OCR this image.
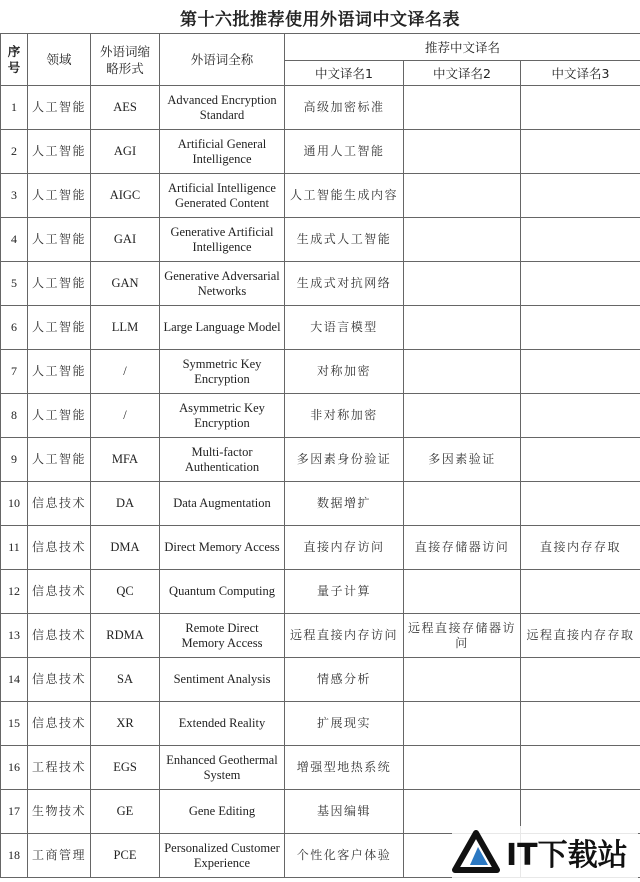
第十六批推荐使用外语词中文译名表
序号	领域	外语词缩略形式	外语词全称	推荐中文译名		
				中文译名1	中文译名2	中文译名3
1	人工智能	AES	Advanced Encryption Standard	高级加密标准		
2	人工智能	AGI	Artificial General Intelligence	通用人工智能		
3	人工智能	AIGC	Artificial Intelligence Generated Content	人工智能生成内容		
4	人工智能	GAI	Generative Artificial Intelligence	生成式人工智能		
5	人工智能	GAN	Generative Adversarial Networks	生成式对抗网络		
6	人工智能	LLM	Large Language Model	大语言模型		
7	人工智能	/	Symmetric Key Encryption	对称加密		
8	人工智能	/	Asymmetric Key Encryption	非对称加密		
9	人工智能	MFA	Multi-factor Authentication	多因素身份验证	多因素验证	
10	信息技术	DA	Data Augmentation	数据增扩		
11	信息技术	DMA	Direct Memory Access	直接内存访问	直接存储器访问	直接内存存取
12	信息技术	QC	Quantum Computing	量子计算		
13	信息技术	RDMA	Remote Direct Memory Access	远程直接内存访问	远程直接存储器访问	远程直接内存存取
14	信息技术	SA	Sentiment Analysis	情感分析		
15	信息技术	XR	Extended Reality	扩展现实		
16	工程技术	EGS	Enhanced Geothermal System	增强型地热系统		
17	生物技术	GE	Gene Editing	基因编辑		
18	工商管理	PCE	Personalized Customer Experience	个性化客户体验			IT下载站
